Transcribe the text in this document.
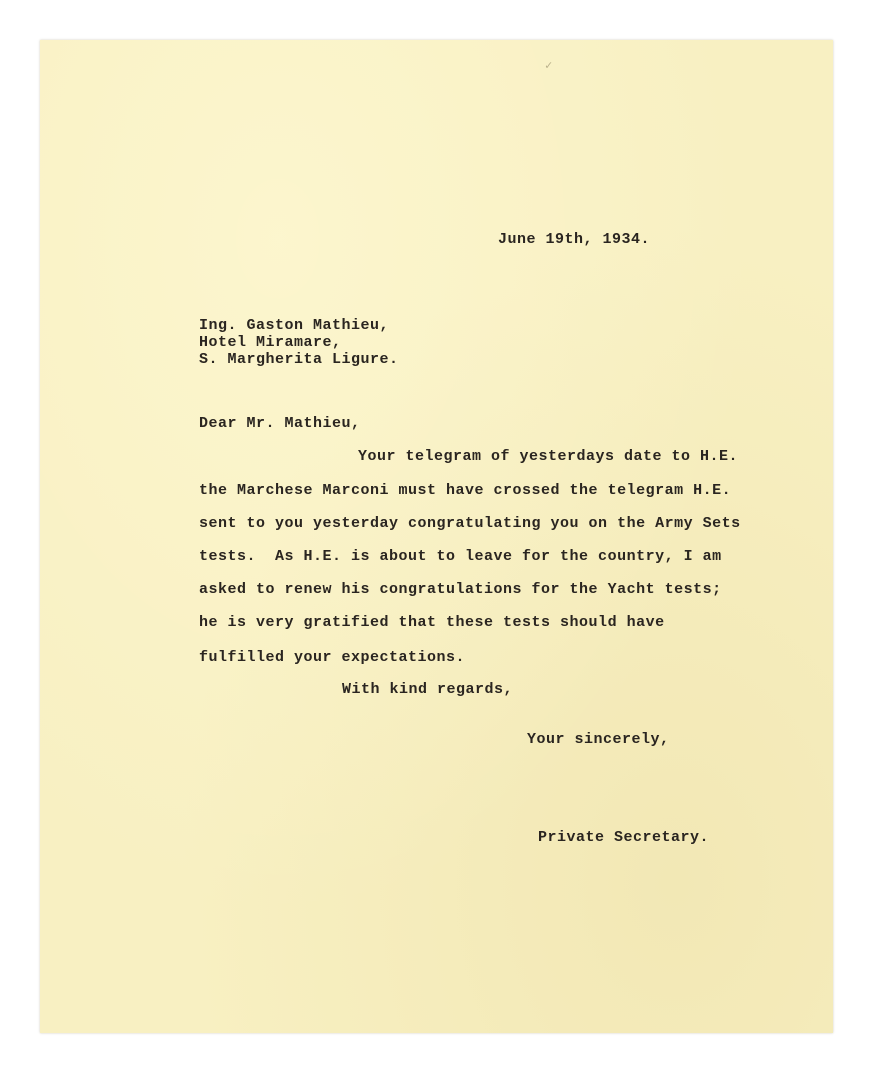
✓

June 19th, 1934.

Ing. Gaston Mathieu,

Hotel Miramare,

S. Margherita Ligure.

Dear Mr. Mathieu,

Your telegram of yesterdays date to H.E.

the Marchese Marconi must have crossed the telegram H.E.

sent to you yesterday congratulating you on the Army Sets

tests.  As H.E. is about to leave for the country, I am

asked to renew his congratulations for the Yacht tests;

he is very gratified that these tests should have

fulfilled your expectations.

With kind regards,

Your sincerely,

Private Secretary.
